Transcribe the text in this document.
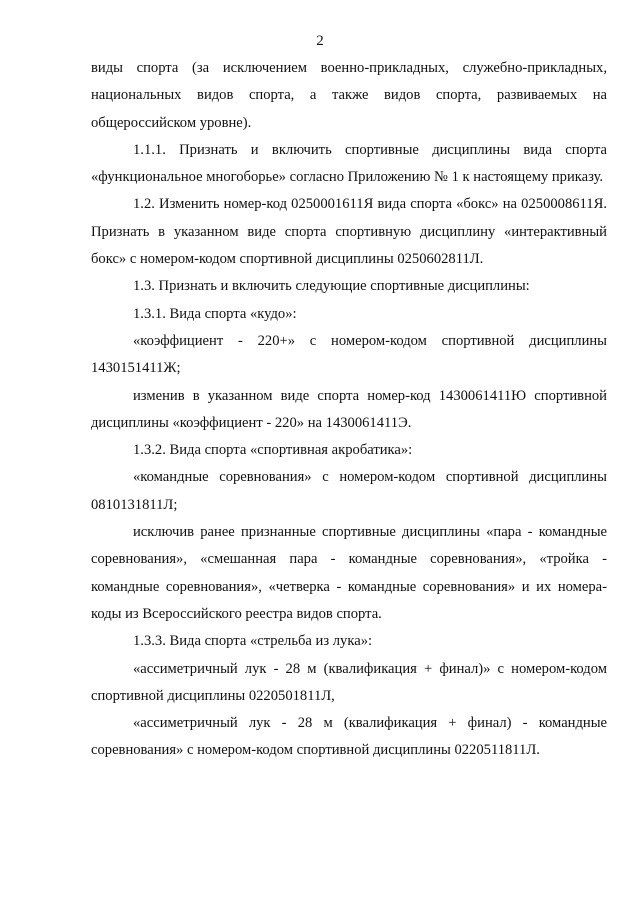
2

виды спорта (за исключением военно-прикладных, служебно-прикладных, национальных видов спорта, а также видов спорта, развиваемых на общероссийском уровне).

1.1.1. Признать и включить спортивные дисциплины вида спорта «функциональное многоборье» согласно Приложению № 1 к настоящему приказу.

1.2. Изменить номер-код 0250001611Я вида спорта «бокс» на 0250008611Я. Признать в указанном виде спорта спортивную дисциплину «интерактивный бокс» с номером-кодом спортивной дисциплины 0250602811Л.

1.3. Признать и включить следующие спортивные дисциплины:

1.3.1. Вида спорта «кудо»:

«коэффициент - 220+» с номером-кодом спортивной дисциплины 1430151411Ж;

изменив в указанном виде спорта номер-код 1430061411Ю спортивной дисциплины «коэффициент - 220» на 1430061411Э.

1.3.2. Вида спорта «спортивная акробатика»:

«командные соревнования» с номером-кодом спортивной дисциплины 0810131811Л;

исключив ранее признанные спортивные дисциплины «пара - командные соревнования», «смешанная пара - командные соревнования», «тройка - командные соревнования», «четверка - командные соревнования» и их номера-коды из Всероссийского реестра видов спорта.

1.3.3. Вида спорта «стрельба из лука»:

«ассиметричный лук - 28 м (квалификация + финал)» с номером-кодом спортивной дисциплины 0220501811Л,

«ассиметричный лук - 28 м (квалификация + финал) - командные соревнования» с номером-кодом спортивной дисциплины 0220511811Л.
